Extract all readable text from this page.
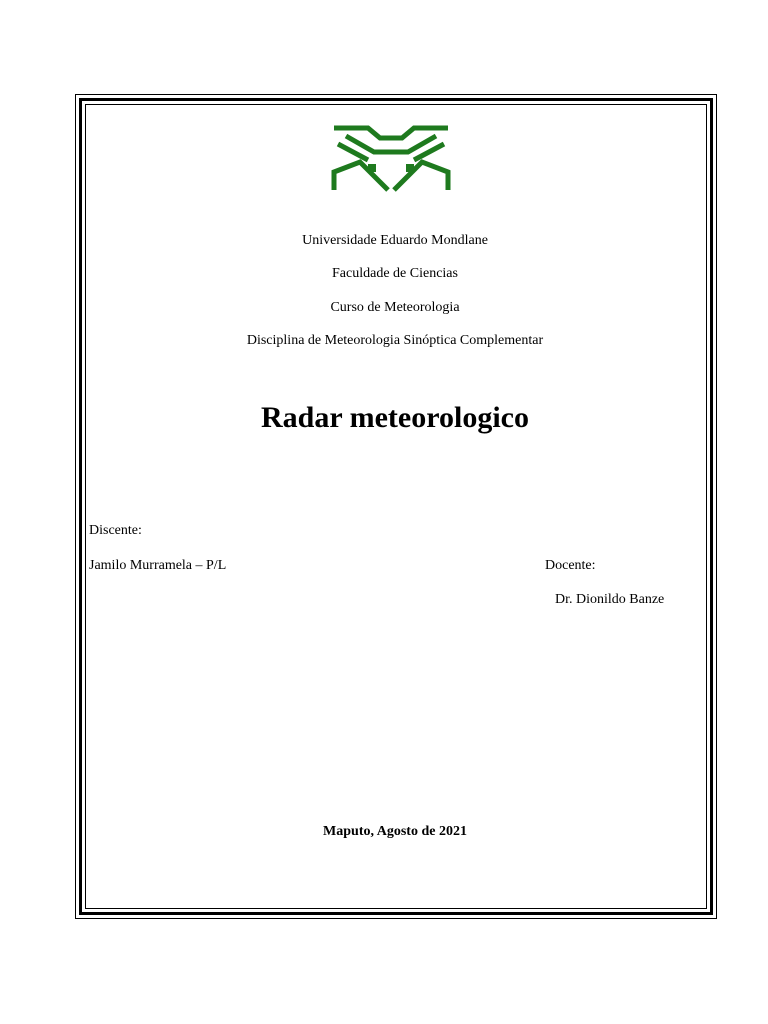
Universidade Eduardo Mondlane
Faculdade de Ciencias
Curso de Meteorologia
Disciplina de Meteorologia Sinóptica Complementar
Radar meteorologico
Discente:
Jamilo Murramela – P/L	Docente:
Dr. Dionildo Banze
Maputo, Agosto de 2021
